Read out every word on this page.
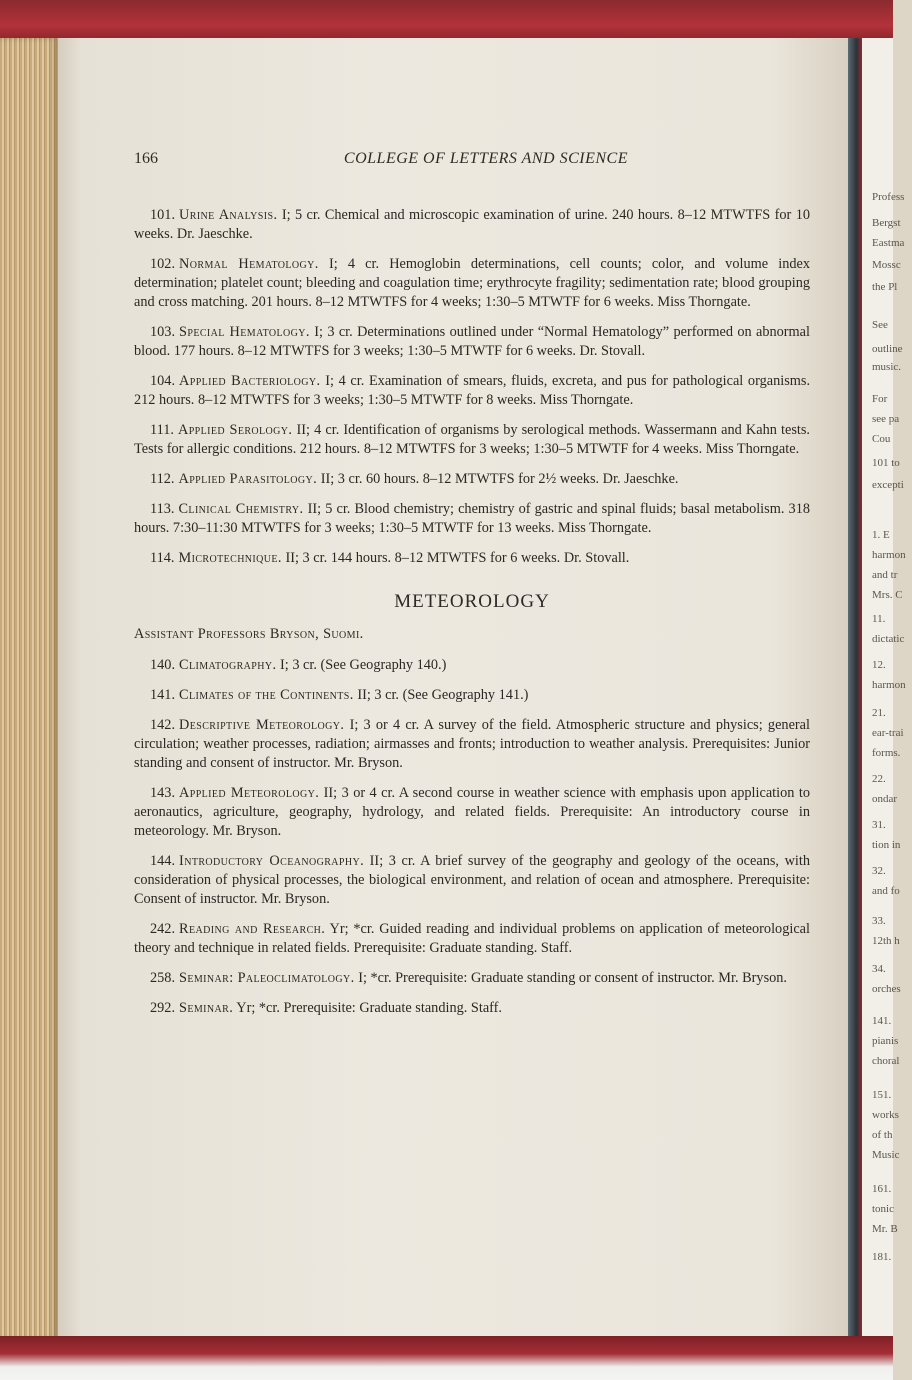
166	COLLEGE OF LETTERS AND SCIENCE

101. Urine Analysis. I; 5 cr. Chemical and microscopic examination of urine. 240 hours. 8–12 MTWTFS for 10 weeks. Dr. Jaeschke.

102. Normal Hematology. I; 4 cr. Hemoglobin determinations, cell counts; color, and volume index determination; platelet count; bleeding and coagulation time; erythrocyte fragility; sedimentation rate; blood grouping and cross matching. 201 hours. 8–12 MTWTFS for 4 weeks; 1:30–5 MTWTF for 6 weeks. Miss Thorngate.

103. Special Hematology. I; 3 cr. Determinations outlined under “Normal Hematology” performed on abnormal blood. 177 hours. 8–12 MTWTFS for 3 weeks; 1:30–5 MTWTF for 6 weeks. Dr. Stovall.

104. Applied Bacteriology. I; 4 cr. Examination of smears, fluids, excreta, and pus for pathological organisms. 212 hours. 8–12 MTWTFS for 3 weeks; 1:30–5 MTWTF for 8 weeks. Miss Thorngate.

111. Applied Serology. II; 4 cr. Identification of organisms by serological methods. Wassermann and Kahn tests. Tests for allergic conditions. 212 hours. 8–12 MTWTFS for 3 weeks; 1:30–5 MTWTF for 4 weeks. Miss Thorngate.

112. Applied Parasitology. II; 3 cr. 60 hours. 8–12 MTWTFS for 2½ weeks. Dr. Jaeschke.

113. Clinical Chemistry. II; 5 cr. Blood chemistry; chemistry of gastric and spinal fluids; basal metabolism. 318 hours. 7:30–11:30 MTWTFS for 3 weeks; 1:30–5 MTWTF for 13 weeks. Miss Thorngate.

114. Microtechnique. II; 3 cr. 144 hours. 8–12 MTWTFS for 6 weeks. Dr. Stovall.

METEOROLOGY
Assistant Professors Bryson, Suomi.

140. Climatography. I; 3 cr. (See Geography 140.)

141. Climates of the Continents. II; 3 cr. (See Geography 141.)

142. Descriptive Meteorology. I; 3 or 4 cr. A survey of the field. Atmospheric structure and physics; general circulation; weather processes, radiation; airmasses and fronts; introduction to weather analysis. Prerequisites: Junior standing and consent of instructor. Mr. Bryson.

143. Applied Meteorology. II; 3 or 4 cr. A second course in weather science with emphasis upon application to aeronautics, agriculture, geography, hydrology, and related fields. Prerequisite: An introductory course in meteorology. Mr. Bryson.

144. Introductory Oceanography. II; 3 cr. A brief survey of the geography and geology of the oceans, with consideration of physical processes, the biological environment, and relation of ocean and atmosphere. Prerequisite: Consent of instructor. Mr. Bryson.

242. Reading and Research. Yr; *cr. Guided reading and individual problems on application of meteorological theory and technique in related fields. Prerequisite: Graduate standing. Staff.

258. Seminar: Paleoclimatology. I; *cr. Prerequisite: Graduate standing or consent of instructor. Mr. Bryson.

292. Seminar. Yr; *cr. Prerequisite: Graduate standing. Staff.

Profess
Bergst
Eastma
Mossc
the Pl
See
outline
music.
For
see pa
Cou
101 to
excepti
1. E
harmon
and tr
Mrs. C
11.
dictatic
12.
harmon
21.
ear-trai
forms.
22.
ondar
31.
tion in
32.
and fo
33.
12th h
34.
orches
141.
pianis
choral
151.
works
of th
Music
161.
tonic
Mr. B
181.
